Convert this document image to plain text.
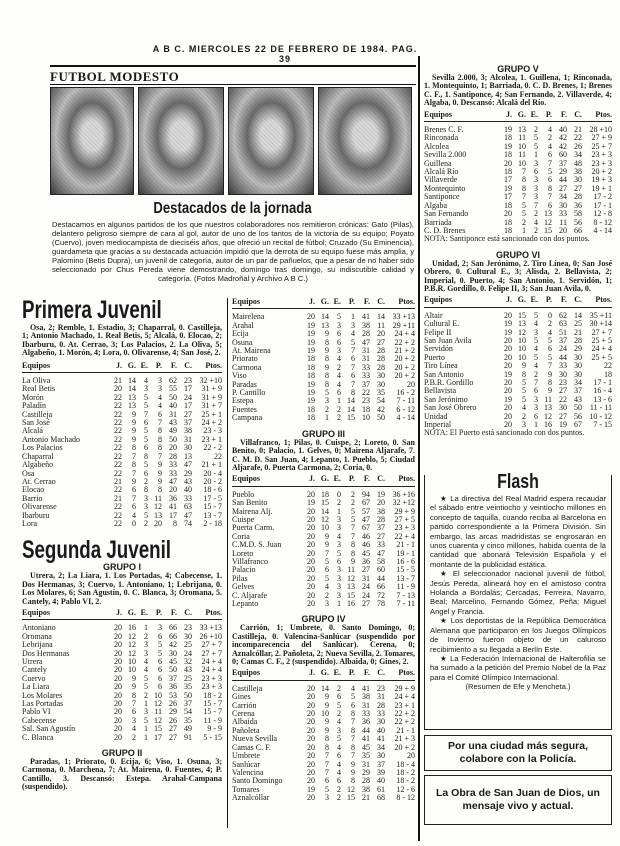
A B C. MIERCOLES 22 DE FEBRERO DE 1984. PAG. 39
FUTBOL MODESTO
Destacados de la jornada
Destacamos en algunos partidos de los que nuestros colaboradores nos remitieron crónicas: Gato (Pilas), delantero peligroso siempre de cara al gol, autor de uno de los tantos de la victoria de su equipo; Poyato (Cuervo), joven mediocampista de dieciséis años, que ofreció un recital de fútbol; Cruzado (Su Eminencia), guardameta que gracias a su destacada actuación impidió que la derrota de su equipo fuese más amplia, y Palomino (Betis Dupra), un juvenil de categoría, autor de un par de pañuelos, que a pesar de no haber sido seleccionado por Chus Pereda viene demostrando, domingo tras domingo, su indiscutible calidad y categoría. (Fotos Madroñal y Archivo A B C.)
Primera Juvenil
Osa, 2; Remble, 1. Estadio, 3; Chaparral, 0. Castilleja, 1; Antonio Machado, 1. Real Betis, 5; Alcalá, 0. Elocao, 2; Ibarburu, 0. At. Cerrao, 3; Los Palacios, 2. La Oliva, 5; Algabeño, 1. Morón, 4; Lora, 0. Olivarense, 4; San José, 2.
Equipos	J. G. E. P.	F. C.	Ptos.
La Oliva	21 14	4	3 62 23 32 +10
Real Betis	20 14	3	3 55 17	31 + 9
Morón	22 13	5	4 50 24	31 + 9
Paladín	22 13	5	4 40 17	31 + 7
Castilleja	22	9	7	6 31 27	25 + 1
San José	22	9	6	7 43 37	24 + 2
Alcalá	22	9	5	8 49 38	23 - 3
Antonio Machado	22	9	5	8 50 31	23 + 1
Los Palacios	22	8	6	8 20 30	22 - 2
Chaparral	22	7	8	7 28 13	22
Algabeño	22	8	5	9 33 47	21 + 1
Osa	22	7	6	9 33 29	20 - 4
At. Cerrao	21	9	2	9 47 43	20 - 2
Elocao	22	6	8	8 20 40	18 - 6
Barrio	21	7	3 11 36 33	17 - 5
Olivarense	22	6	3 12 41 63	15 - 7
Ibarburu	22	4	5 13 17 47	13 - 7
Lora	22	0	2 20	8 74	2 - 18
Segunda Juvenil
GRUPO I
Utrera, 2; La Liara, 1. Los Portadas, 4; Cabecense, 1. Dos Hermanas, 3; Cuervo, 1. Antoniano, 1; Lebrijana, 0. Los Molares, 6; San Agustín, 0. C. Blanca, 3; Oromana, 5. Cantely, 4; Pablo VI, 2.
Equipos	J. G. E. P.	F. C.	Ptos.
Antoniano	20 16	1	3 66 23 33 +13
Oromana	20 12	2	6 66 30 26 +10
Lebrijana	20 12	3	5 42 25	27 + 7
Dos Hermanas	20 12	3	5 30 24	27 + 7
Utrera	20 10	4	6 45 32	24 + 4
Cantely	20 10	4	6 50 43	24 + 4
Cuervo	20	9	5	6 37 25	23 + 3
La Liara	20	9	5	6 36 35	23 + 3
Los Molares	20	8	2 10 53 50	18 - 2
Las Portadas	20	7	1 12 26 37	15 - 7
Pablo VI	20	6	3 11 29 54	15 - 7
Cabecense	20	3	5 12 26 35	11 - 9
Sal. San Agustín	20	4	1 15 27 49	9 - 9
C. Blanca	20	2	1 17 27 91	5 - 15
GRUPO II
Paradas, 1; Priorato, 0. Ecija, 6; Viso, 1. Osuna, 3; Carmona, 0. Marchena, 7; At. Mairena, 0. Fuentes, 4; P. Cantillo, 3. Descansó: Estepa. Arahal-Campana (suspendido).
Equipos	J. G. E. P.	F. C.	Ptos.
Mairelena	20 14	5	1 41 14 33 +13
Arahal	19 13	3	3 38 11 29 +11
Ecija	19	9	6	4 28 20	24 + 4
Osuna	19	8	6	5 47 27	22 + 2
At. Mairena	19	9	3	7 31 28	21 + 2
Priorato	18	8	4	6 31 28	20 + 2
Carmona	18	9	2	7 33 28	20 + 2
Viso	18	8	4	6 33 30	20 + 2
Paradas	19	8	4	7 37 30	20
P. Cantillo	19	5	6	8 22 35	16 - 2
Estepa	19	3	1 14 23 54	7 - 11
Fuentes	18	2	2 14 18 42	6 - 12
Campana	18	1	2 15 10 50	4 - 14
GRUPO III
Villafranco, 1; Pilas, 0. Cuispe, 2; Loreto, 0. San Benito, 0; Palacio, 1. Gelves, 0; Mairena Aljarafe, 7. C. M. D. San Juan, 4; Lepanto, 1. Pueblo, 5; Ciudad Aljarafe, 0. Puerta Carmona, 2; Coria, 0.
Equipos	J. G. E. P.	F. C.	Ptos.
Pueblo	20 18	0	2 94 19 36 +16
San Benito	19 15	2	2 67 20 32 +12
Mairena Alj.	20 14	1	5 57 38	29 + 9
Cuispe	20 12	3	5 47 28	27 + 5
Puerta Carm.	20 10	3	7 67 37	23 + 3
Coria	20	9	4	7 46 27	22 + 4
C.M.D. S. Juan	20	9	3	8 46 33	21 - 1
Loreto	20	7	5	8 45 47	19 - 1
Villafranco	20	5	6	9 36 58	16 - 6
Palacio	20	6	3 11 27 60	15 - 5
Pilas	20	5	3 12 31 44	13 - 7
Gelves	20	4	3 13 24 66	11 - 9
C. Aljarafe	20	2	3 15 24 72	7 - 13
Lepanto	20	3	1 16 27 78	7 - 11
GRUPO IV
Carrión, 1; Umbrete, 0. Santo Domingo, 0; Castilleja, 0. Valencina-Sanlúcar (suspendido por incomparecencia del Sanlúcar). Cerena, 0; Aznalcóllar, 2. Pañoleta, 2; Nueva Sevilla, 2. Tomares, 0; Camas C. F., 2 (suspendido). Albaida, 0; Gines, 2.
Equipos	J. G. E. P.	F. C.	Ptos.
Castilleja	20 14	2	4 41 23	29 + 9
Gines	20	9	6	5 38 31	24 + 4
Carrión	20	9	5	6 31 28	23 + 1
Cerena	20 10	2	8 33 33	22 + 2
Albaida	20	9	4	7 36 30	22 + 2
Pañoleta	20	9	3	8 44 40	21 - 1
Nueva Sevilla	20	8	5	7 41 41	21 + 3
Camas C. F.	20	8	4	8 45 34	20 + 2
Umbrete	20	7	6	7 35 30	20
Sanlúcar	20	7	4	9 31 37	18 - 4
Valencina	20	7	4	9 29 39	18 - 2
Santo Domingo	20	6	6	8 28 40	18 - 2
Tomares	19	5	2 12 38 61	12 - 6
Aznalcóllar	20	3	2 15 21 68	8 - 12
GRUPO V
Sevilla 2.000, 3; Alcolea, 1. Guillena, 1; Rinconada, 1. Montequinto, 1; Barriada, 0. C. D. Brenes, 1; Brenes C. F., 1. Santiponce, 4; San Fernando, 2. Villaverde, 4; Algaba, 0. Descansó: Alcalá del Río.
Equipos	J. G. E. P.	F. C.	Ptos.
Brenes C. F.	19 13	2	4 40 21 28 +10
Rinconada	18 11	5	2 42 22	27 + 9
Alcolea	19 10	5	4 42 26	25 + 7
Sevilla 2.000	18 11	1	6 60 34	23 + 3
Guillena	20 10	3	7 37 48	23 + 3
Alcalá Río	18	7	6	5 29 38	20 + 2
Villaverde	17	8	3	6 44 30	19 + 3
Montequinto	19	8	3	8 27 27	19 + 1
Santiponce	17	7	3	7 34 28	17 - 2
Algaba	18	5	7	6 30 36	17 - 1
San Fernando	20	5	2 13 33 58	12 - 8
Barriada	18	2	4 12 11 56	8 - 12
C. D. Brenes	18	1	2 15 20 66	4 - 14
NOTA: Santiponce está sancionado con dos puntos.
GRUPO VI
Unidad, 2; San Jerónimo, 2. Tiro Línea, 0; San José Obrero, 0. Cultural E., 3; Alisda, 2. Bellavista, 2; Imperial, 0. Puerto, 4; San Antonio, 1. Servidón, 1; P.B.R. Gordillo, 0. Felipe II, 3; San Juan Avila, 0.
Equipos	J. G. E. P.	F. C.	Ptos.
Altair	20 15	5	0 62 14 35 +11
Cultural E.	19 13	4	2 63 25 30 +14
Felipe II	19 12	3	4 51 21	27 + 7
San Juan Avila	20 10	5	5 37 28	25 + 5
Servidón	20 10	4	6 24 29	24 + 4
Puerto	20 10	5	5 44 30	25 + 5
Tiro Línea	20	9	4	7 33 30	22
San Antonio	19	8	2	9 30 30	18
P.B.R. Gordillo	20	5	7	8 23 34	17 - 1
Bellavista	20	5	6	9 27 37	16 - 4
San Jerónimo	19	5	3 11 22 43	13 - 6
San José Obrero	20	4	3 13 30 50 11 - 11
Unidad	20	2	6 12 27 56 10 - 12
Imperial	20	3	1 16 19 67	7 - 15
NOTA: El Puerto está sancionado con dos puntos.
Flash

★ La directiva del Real Madrid espera recaudar el sábado entre veintiocho y veintiocho millones en concepto de taquilla, cuando reciba al Barcelona en partido correspondiente a la Primera División. Sin embargo, las arcas madridistas se engrosarán en unos cuarenta y cinco millones, habida cuenta de la cantidad que abonará Televisión Española y el montante de la publicidad estática.

★ El seleccionador nacional juvenil de fútbol, Jesús Pereda, alineará hoy en el amistoso contra Holanda a Bordalás; Cercadas, Ferreira, Navarro, Beal; Marcelino, Fernando Gómez, Peña; Miguel Angel y Francia.

★ Los deportistas de la República Democrática Alemana que participaron en los Juegos Olímpicos de Invierno fueron objeto de un caluroso recibimiento a su llegada a Berlín Este.

★ La Federación Internacional de Halterofilia se ha sumado a la petición del Premio Nobel de la Paz para el Comité Olímpico Internacional.

(Resumen de Efe y Mencheta.)

Por una ciudad más segura, colabore con la Policía.
La Obra de San Juan de Dios, un mensaje vivo y actual.
